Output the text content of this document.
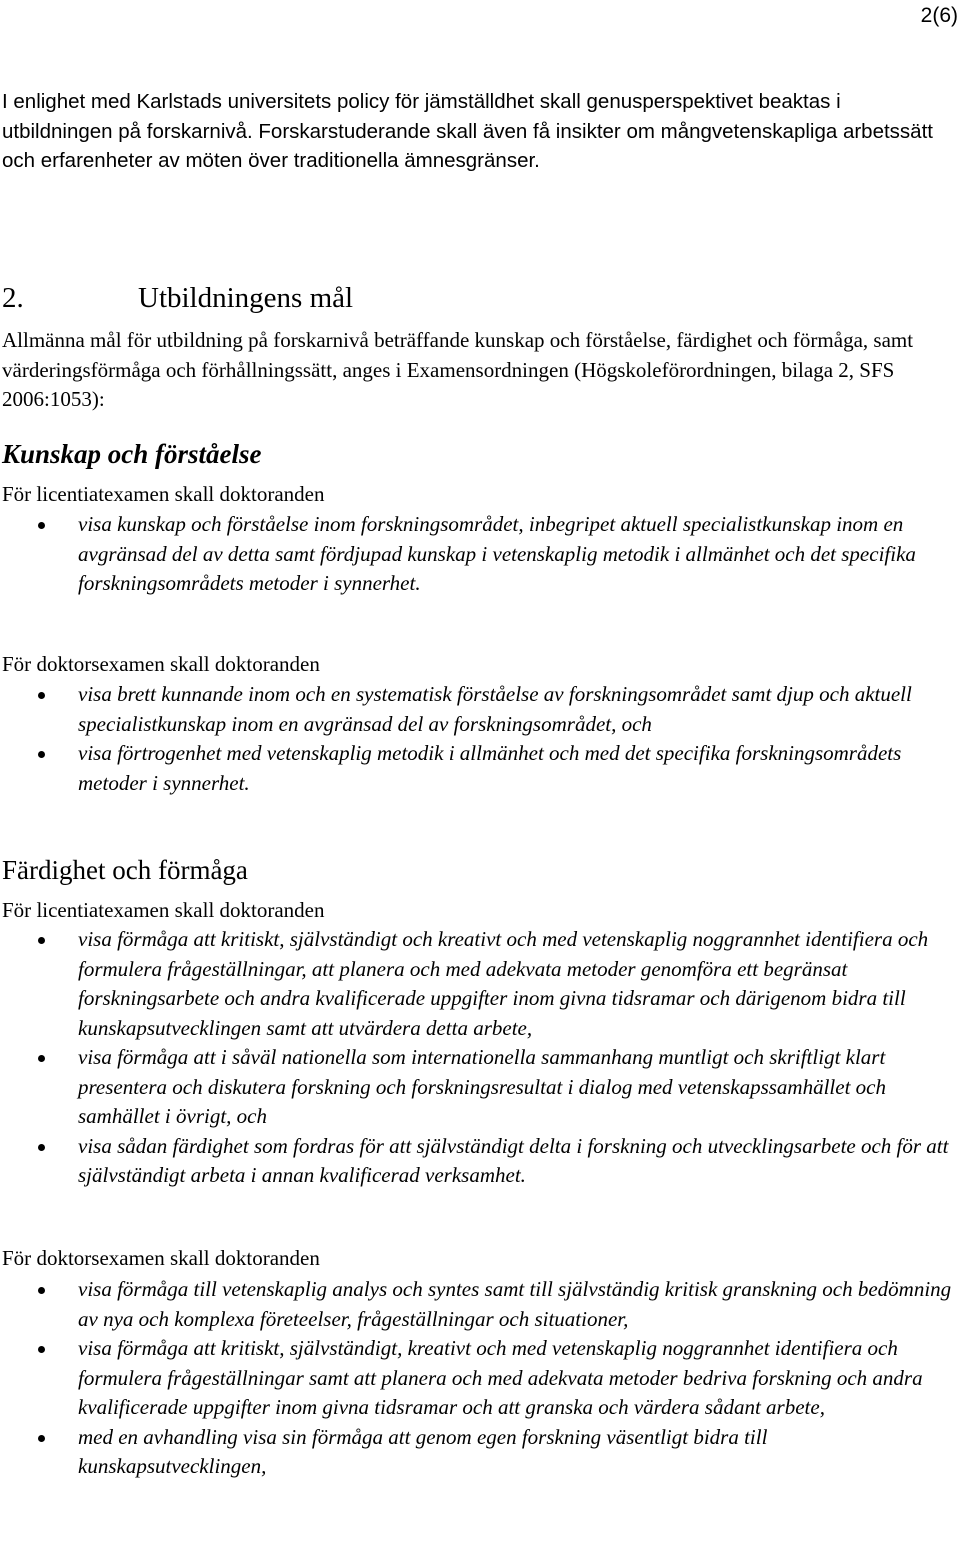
2(6)

I enlighet med Karlstads universitets policy för jämställdhet skall genusperspektivet beaktas i utbildningen på forskarnivå. Forskarstuderande skall även få insikter om mångvetenskapliga arbetssätt och erfarenheter av möten över traditionella ämnesgränser.

2.	Utbildningens mål

Allmänna mål för utbildning på forskarnivå beträffande kunskap och förståelse, färdighet och förmåga, samt värderingsförmåga och förhållningssätt, anges i Examensordningen (Högskoleförordningen, bilaga 2, SFS 2006:1053):

Kunskap och förståelse

För licentiatexamen skall doktoranden

visa kunskap och förståelse inom forskningsområdet, inbegripet aktuell specialistkunskap inom en avgränsad del av detta samt fördjupad kunskap i vetenskaplig metodik i allmänhet och det specifika forskningsområdets metoder i synnerhet.

För doktorsexamen skall doktoranden

visa brett kunnande inom och en systematisk förståelse av forskningsområdet samt djup och aktuell specialistkunskap inom en avgränsad del av forskningsområdet, och
visa förtrogenhet med vetenskaplig metodik i allmänhet och med det specifika forskningsområdets metoder i synnerhet.
Färdighet och förmåga

För licentiatexamen skall doktoranden

visa förmåga att kritiskt, självständigt och kreativt och med vetenskaplig noggrannhet identifiera och formulera frågeställningar, att planera och med adekvata metoder genomföra ett begränsat forskningsarbete och andra kvalificerade uppgifter inom givna tidsramar och därigenom bidra till kunskapsutvecklingen samt att utvärdera detta arbete,
visa förmåga att i såväl nationella som internationella sammanhang muntligt och skriftligt klart presentera och diskutera forskning och forskningsresultat i dialog med vetenskapssamhället och samhället i övrigt, och
visa sådan färdighet som fordras för att självständigt delta i forskning och utvecklingsarbete och för att självständigt arbeta i annan kvalificerad verksamhet.

För doktorsexamen skall doktoranden

visa förmåga till vetenskaplig analys och syntes samt till självständig kritisk granskning och bedömning av nya och komplexa företeelser, frågeställningar och situationer,
visa förmåga att kritiskt, självständigt, kreativt och med vetenskaplig noggrannhet identifiera och formulera frågeställningar samt att planera och med adekvata metoder bedriva forskning och andra kvalificerade uppgifter inom givna tidsramar och att granska och värdera sådant arbete,
med en avhandling visa sin förmåga att genom egen forskning väsentligt bidra till kunskapsutvecklingen,
